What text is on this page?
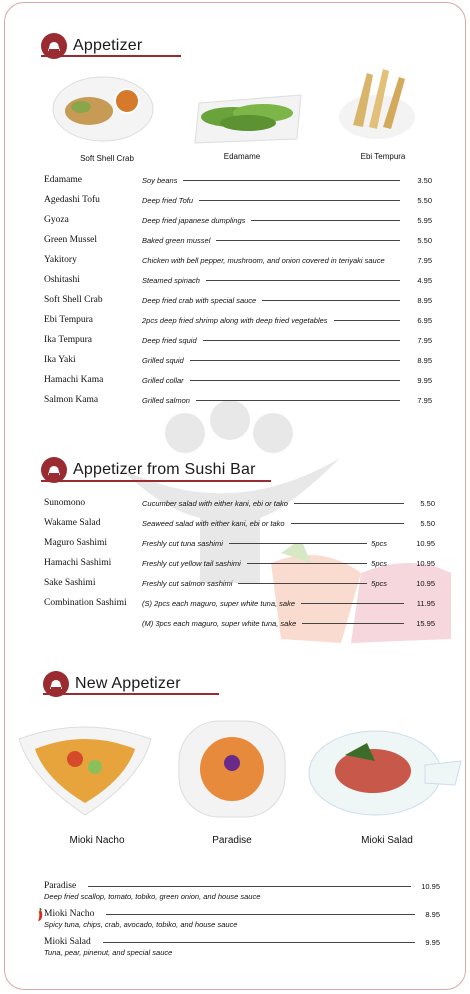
Appetizer
Soft Shell Crab	Edamame	Ebi Tempura
Edamame	Soy beans	3.50
Agedashi Tofu	Deep fried Tofu	5.50
Gyoza	Deep fried japanese dumplings	5.95
Green Mussel	Baked green mussel	5.50
Yakitory	Chicken with bell pepper, mushroom, and onion covered in teriyaki sauce	7.95
Oshitashi	Steamed spinach	4.95
Soft Shell Crab	Deep fried crab with special sauce	8.95
Ebi Tempura	2pcs deep fried shrimp along with deep fried vegetables	6.95
Ika Tempura	Deep fried squid	7.95
Ika Yaki	Grilled squid	8.95
Hamachi Kama	Grilled collar	9.95
Salmon Kama	Grilled salmon	7.95
Appetizer from Sushi Bar
Sunomono	Cucumber salad with either kani, ebi or tako	5.50
Wakame Salad	Seaweed salad with either kani, ebi or tako	5.50
Maguro Sashimi	Freshly cut tuna sashimi	5pcs	10.95
Hamachi Sashimi	Freshly cut yellow tail sashimi	5pcs	10.95
Sake Sashimi	Freshly cut salmon sashimi	5pcs	10.95
Combination Sashimi (S) 2pcs each maguro, super white tuna, sake	11.95
(M) 3pcs each maguro, super white tuna, sake	15.95
New Appetizer
Mioki Nacho	Paradise	Mioki Salad
Paradise	10.95
Deep fried scallop, tomato, tobiko, green onion, and house sauce
Mioki Nacho	8.95
Spicy tuna, chips, crab, avocado, tobiko, and house sauce
Mioki Salad	9.95
Tuna, pear, pinenut, and special sauce
